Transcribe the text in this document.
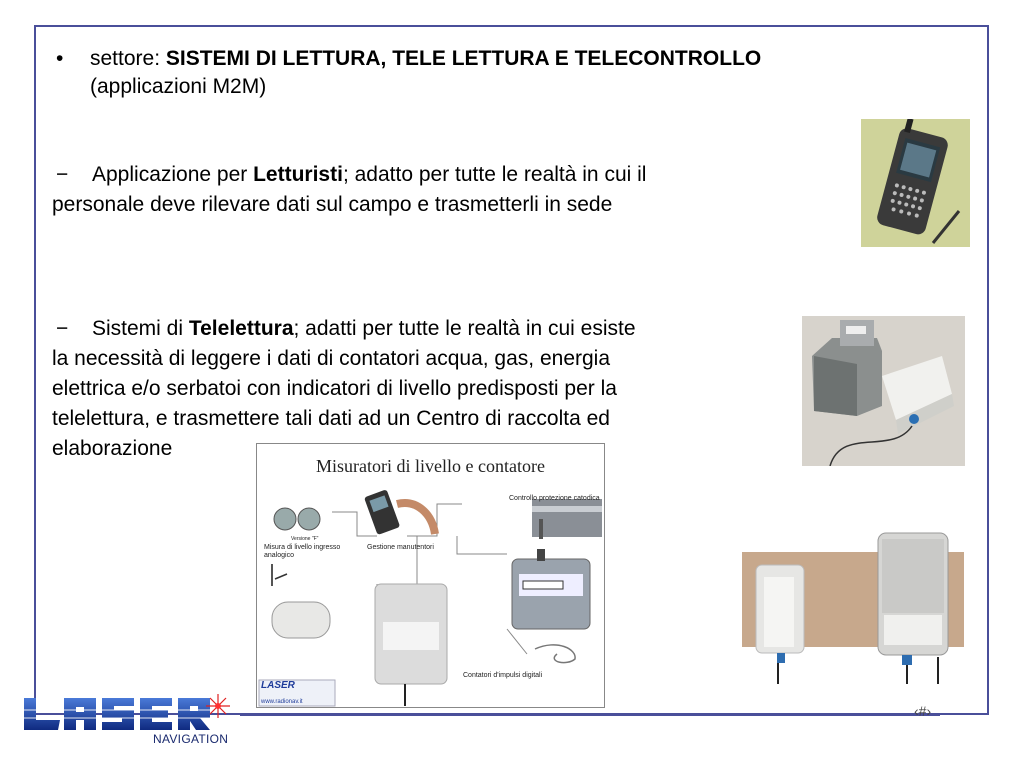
•	settore: SISTEMI DI LETTURA, TELE LETTURA E TELECONTROLLO
(applicazioni M2M)
− Applicazione per Letturisti; adatto per tutte le realtà in cui il
personale deve rilevare dati sul campo e trasmetterli in sede
− Sistemi di Telelettura; adatti per tutte le realtà in cui esiste
la necessità di leggere i dati di contatori acqua, gas, energia
elettrica e/o serbatoi con indicatori di livello predisposti per la
telelettura, e trasmettere tali dati ad un Centro di raccolta ed
elaborazione
Misuratori di livello e contatore
Controllo protezione catodica
Versione "F"
Misura di livello ingresso analogico
Gestione manutentori
Contatori d'impulsi digitali
LASER
www.radionav.it
‹#›
NAVIGATION
